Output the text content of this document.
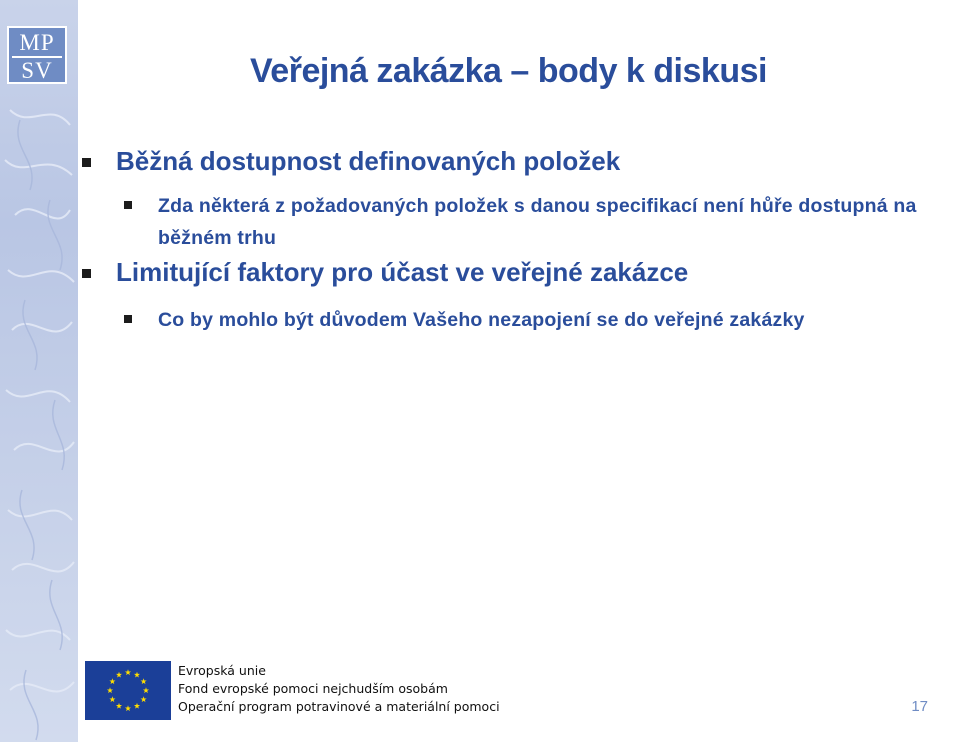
MP
SV	Veřejná zakázka – body k diskusi
Běžná dostupnost definovaných položek
Zda některá z požadovaných položek s danou specifikací není hůře dostupná na běžném trhu
Limitující faktory pro účast ve veřejné zakázce
Co by mohlo být důvodem Vašeho nezapojení se do veřejné zakázky
Evropská unie
Fond evropské pomoci nejchudším osobám
Operační program potravinové a materiální pomoci	17
